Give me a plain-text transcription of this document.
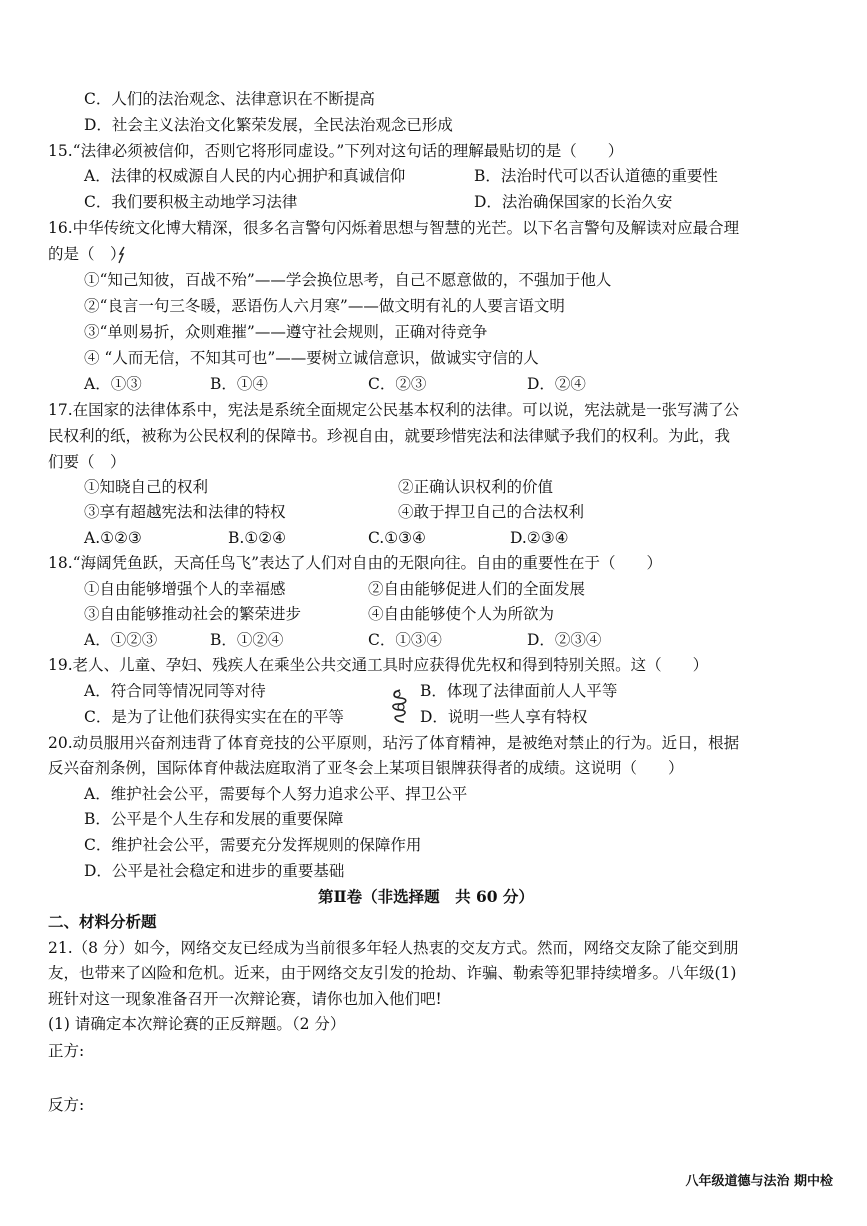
C．人们的法治观念、法律意识在不断提高
D．社会主义法治文化繁荣发展，全民法治观念已形成
15.“法律必须被信仰，否则它将形同虚设。”下列对这句话的理解最贴切的是（　　）
A．法律的权威源自人民的内心拥护和真诚信仰	B．法治时代可以否认道德的重要性
C．我们要积极主动地学习法律	D．法治确保国家的长治久安
16.中华传统文化博大精深，很多名言警句闪烁着思想与智慧的光芒。以下名言警句及解读对应最合理
的是（　）
①“知己知彼，百战不殆”——学会换位思考，自己不愿意做的，不强加于他人
②“良言一句三冬暖，恶语伤人六月寒”——做文明有礼的人要言语文明
③“单则易折，众则难摧”——遵守社会规则，正确对待竞争
④ “人而无信，不知其可也”——要树立诚信意识，做诚实守信的人
A．①③	B．①④	C．②③	D．②④
17.在国家的法律体系中，宪法是系统全面规定公民基本权利的法律。可以说，宪法就是一张写满了公
民权利的纸，被称为公民权利的保障书。珍视自由，就要珍惜宪法和法律赋予我们的权利。为此，我
们要（　）
①知晓自己的权利	②正确认识权利的价值
③享有超越宪法和法律的特权	④敢于捍卫自己的合法权利
A.①②③	B.①②④	C.①③④	D.②③④
18.“海阔凭鱼跃，天高任鸟飞”表达了人们对自由的无限向往。自由的重要性在于（　　）
①自由能够增强个人的幸福感	②自由能够促进人们的全面发展
③自由能够推动社会的繁荣进步	④自由能够使个人为所欲为
A．①②③	B．①②④	C．①③④	D．②③④
19.老人、儿童、孕妇、残疾人在乘坐公共交通工具时应获得优先权和得到特别关照。这（　　）
A．符合同等情况同等对待	B．体现了法律面前人人平等
C．是为了让他们获得实实在在的平等	D．说明一些人享有特权
20.动员服用兴奋剂违背了体育竞技的公平原则，玷污了体育精神，是被绝对禁止的行为。近日，根据
反兴奋剂条例，国际体育仲裁法庭取消了亚冬会上某项目银牌获得者的成绩。这说明（　　）
A．维护社会公平，需要每个人努力追求公平、捍卫公平
B．公平是个人生存和发展的重要保障
C．维护社会公平，需要充分发挥规则的保障作用
D．公平是社会稳定和进步的重要基础
第Ⅱ卷（非选择题　共 60 分）
二、材料分析题
21.（8 分）如今，网络交友已经成为当前很多年轻人热衷的交友方式。然而，网络交友除了能交到朋
友，也带来了凶险和危机。近来，由于网络交友引发的抢劫、诈骗、勒索等犯罪持续增多。八年级(1)
班针对这一现象准备召开一次辩论赛，请你也加入他们吧!
(1) 请确定本次辩论赛的正反辩题。（2 分）
正方:
反方:
八年级道德与法治 期中检
